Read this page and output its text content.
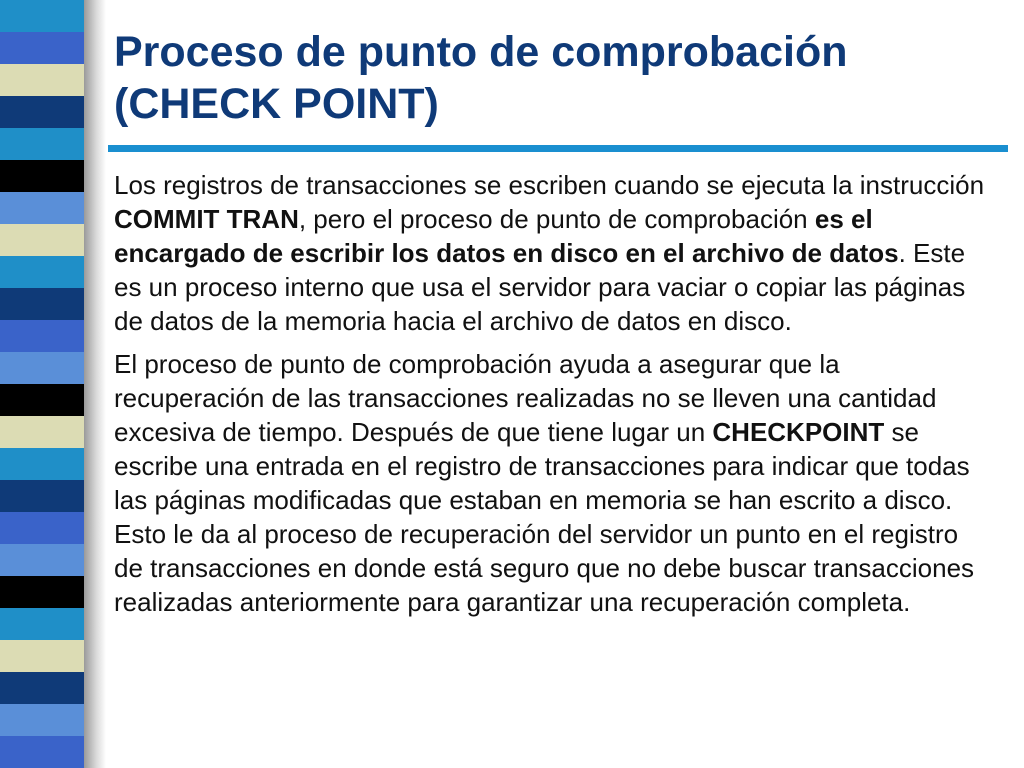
Proceso de punto de comprobación
(CHECK POINT)

Los registros de transacciones se escriben cuando se ejecuta la instrucción COMMIT TRAN, pero el proceso de punto de comprobación es el encargado de escribir los datos en disco en el archivo de datos. Este es un proceso interno que usa el servidor para vaciar o copiar las páginas de datos de la memoria hacia el archivo de datos en disco.

El proceso de punto de comprobación ayuda a asegurar que la recuperación de las transacciones realizadas no se lleven una cantidad excesiva de tiempo. Después de que tiene lugar un CHECKPOINT se escribe una entrada en el registro de transacciones para indicar que todas las páginas modificadas que estaban en memoria se han escrito a disco. Esto le da al proceso de recuperación del servidor un punto en el registro de transacciones en donde está seguro que no debe buscar transacciones realizadas anteriormente para garantizar una recuperación completa.
